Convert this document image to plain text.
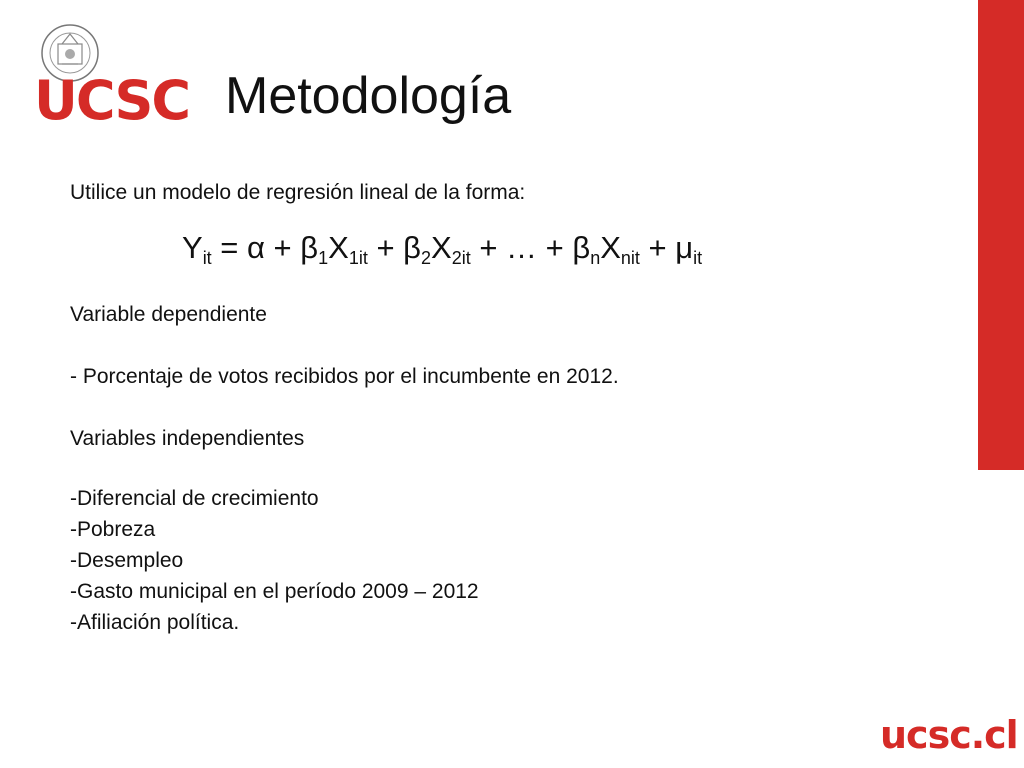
UCSC Metodología
Utilice un modelo de regresión lineal de la forma:
$Y_{it} = \alpha + \beta_1X_{1it} + \beta_2X_{2it}$ + … + $\beta_nX_{nit} + \mu_{it}$
Variable dependiente
- Porcentaje de votos recibidos por el incumbente en 2012.
Variables independientes
-Diferencial de crecimiento
-Pobreza
-Desempleo
-Gasto municipal en el período 2009 – 2012
-Afiliación política.
ucsc.cl
